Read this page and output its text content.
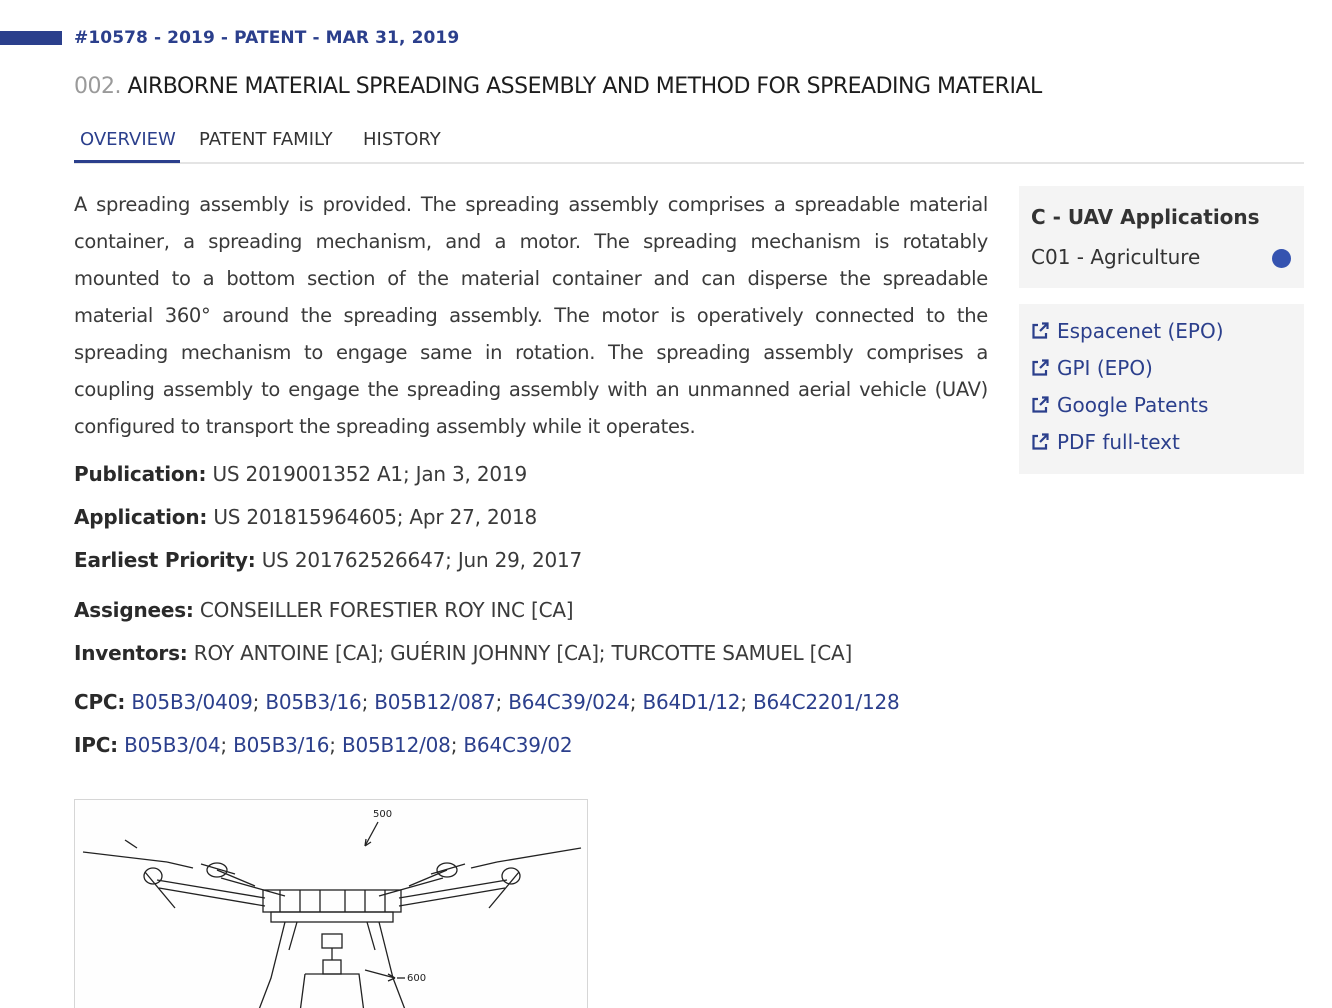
#10578 - 2019 - PATENT - MAR 31, 2019
002. AIRBORNE MATERIAL SPREADING ASSEMBLY AND METHOD FOR SPREADING MATERIAL
OVERVIEW PATENT FAMILY HISTORY

A spreading assembly is provided. The spreading assembly comprises a spreadable material container, a spreading mechanism, and a motor. The spreading mechanism is rotatably mounted to a bottom section of the material container and can disperse the spreadable material 360° around the spreading assembly. The motor is operatively connected to the spreading mechanism to engage same in rotation. The spreading assembly comprises a coupling assembly to engage the spreading assembly with an unmanned aerial vehicle (UAV) configured to transport the spreading assembly while it operates.

Publication: US 2019001352 A1; Jan 3, 2019
Application: US 201815964605; Apr 27, 2018
Earliest Priority: US 201762526647; Jun 29, 2017
Assignees: CONSEILLER FORESTIER ROY INC [CA]
Inventors: ROY ANTOINE [CA]; GUÉRIN JOHNNY [CA]; TURCOTTE SAMUEL [CA]
CPC: B05B3/0409; B05B3/16; B05B12/087; B64C39/024; B64D1/12; B64C2201/128
IPC: B05B3/04; B05B3/16; B05B12/08; B64C39/02
C - UAV Applications
C01 - Agriculture
Espacenet (EPO)
GPI (EPO)
Google Patents
PDF full-text
500
600
